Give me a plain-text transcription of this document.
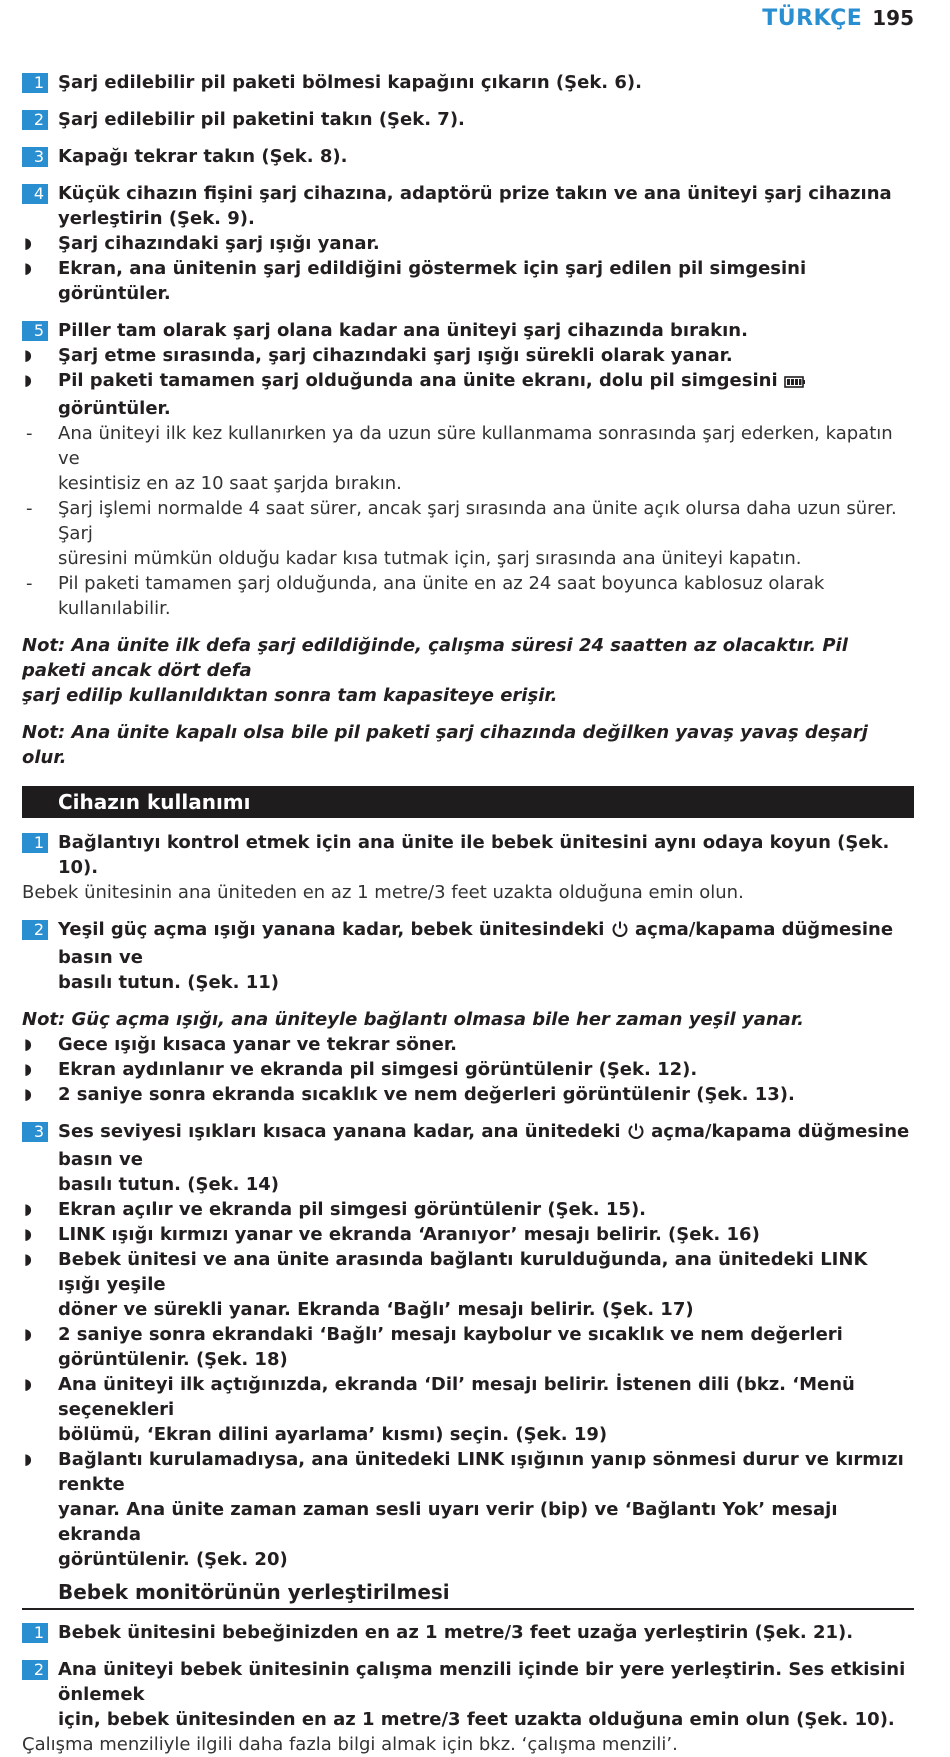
TÜRKÇE 195
1 Şarj edilebilir pil paketi bölmesi kapağını çıkarın (Şek. 6).
2 Şarj edilebilir pil paketini takın (Şek. 7).
3 Kapağı tekrar takın (Şek. 8).
4 Küçük cihazın fişini şarj cihazına, adaptörü prize takın ve ana üniteyi şarj cihazına
yerleştirin (Şek. 9).
◗ Şarj cihazındaki şarj ışığı yanar.
◗ Ekran, ana ünitenin şarj edildiğini göstermek için şarj edilen pil simgesini görüntüler.
5 Piller tam olarak şarj olana kadar ana üniteyi şarj cihazında bırakın.
◗ Şarj etme sırasında, şarj cihazındaki şarj ışığı sürekli olarak yanar.
◗ Pil paketi tamamen şarj olduğunda ana ünite ekranı, dolu pil simgesini  görüntüler.
- Ana üniteyi ilk kez kullanırken ya da uzun süre kullanmama sonrasında şarj ederken, kapatın ve
kesintisiz en az 10 saat şarjda bırakın.
- Şarj işlemi normalde 4 saat sürer, ancak şarj sırasında ana ünite açık olursa daha uzun sürer. Şarj
süresini mümkün olduğu kadar kısa tutmak için, şarj sırasında ana üniteyi kapatın.
- Pil paketi tamamen şarj olduğunda, ana ünite en az 24 saat boyunca kablosuz olarak kullanılabilir.
Not: Ana ünite ilk defa şarj edildiğinde, çalışma süresi 24 saatten az olacaktır. Pil paketi ancak dört defa
şarj edilip kullanıldıktan sonra tam kapasiteye erişir.
Not: Ana ünite kapalı olsa bile pil paketi şarj cihazında değilken yavaş yavaş deşarj olur.
Cihazın kullanımı
1 Bağlantıyı kontrol etmek için ana ünite ile bebek ünitesini aynı odaya koyun (Şek. 10).
Bebek ünitesinin ana üniteden en az 1 metre/3 feet uzakta olduğuna emin olun.
2 Yeşil güç açma ışığı yanana kadar, bebek ünitesindeki açma/kapama düğmesine basın ve
basılı tutun. (Şek. 11)
Not: Güç açma ışığı, ana üniteyle bağlantı olmasa bile her zaman yeşil yanar.
◗ Gece ışığı kısaca yanar ve tekrar söner.
◗ Ekran aydınlanır ve ekranda pil simgesi görüntülenir (Şek. 12).
◗ 2 saniye sonra ekranda sıcaklık ve nem değerleri görüntülenir (Şek. 13).
3 Ses seviyesi ışıkları kısaca yanana kadar, ana ünitedeki açma/kapama düğmesine basın ve
basılı tutun. (Şek. 14)
◗ Ekran açılır ve ekranda pil simgesi görüntülenir (Şek. 15).
◗ LINK ışığı kırmızı yanar ve ekranda ‘Aranıyor’ mesajı belirir. (Şek. 16)
◗ Bebek ünitesi ve ana ünite arasında bağlantı kurulduğunda, ana ünitedeki LINK ışığı yeşile
döner ve sürekli yanar. Ekranda ‘Bağlı’ mesajı belirir. (Şek. 17)
◗ 2 saniye sonra ekrandaki ‘Bağlı’ mesajı kaybolur ve sıcaklık ve nem değerleri
görüntülenir. (Şek. 18)
◗ Ana üniteyi ilk açtığınızda, ekranda ‘Dil’ mesajı belirir. İstenen dili (bkz. ‘Menü seçenekleri
bölümü, ‘Ekran dilini ayarlama’ kısmı) seçin. (Şek. 19)
◗ Bağlantı kurulamadıysa, ana ünitedeki LINK ışığının yanıp sönmesi durur ve kırmızı renkte
yanar. Ana ünite zaman zaman sesli uyarı verir (bip) ve ‘Bağlantı Yok’ mesajı ekranda
görüntülenir. (Şek. 20)
Bebek monitörünün yerleştirilmesi
1 Bebek ünitesini bebeğinizden en az 1 metre/3 feet uzağa yerleştirin (Şek. 21).
2 Ana üniteyi bebek ünitesinin çalışma menzili içinde bir yere yerleştirin. Ses etkisini önlemek
için, bebek ünitesinden en az 1 metre/3 feet uzakta olduğuna emin olun (Şek. 10).
Çalışma menziliyle ilgili daha fazla bilgi almak için bkz. ‘çalışma menzili’.
